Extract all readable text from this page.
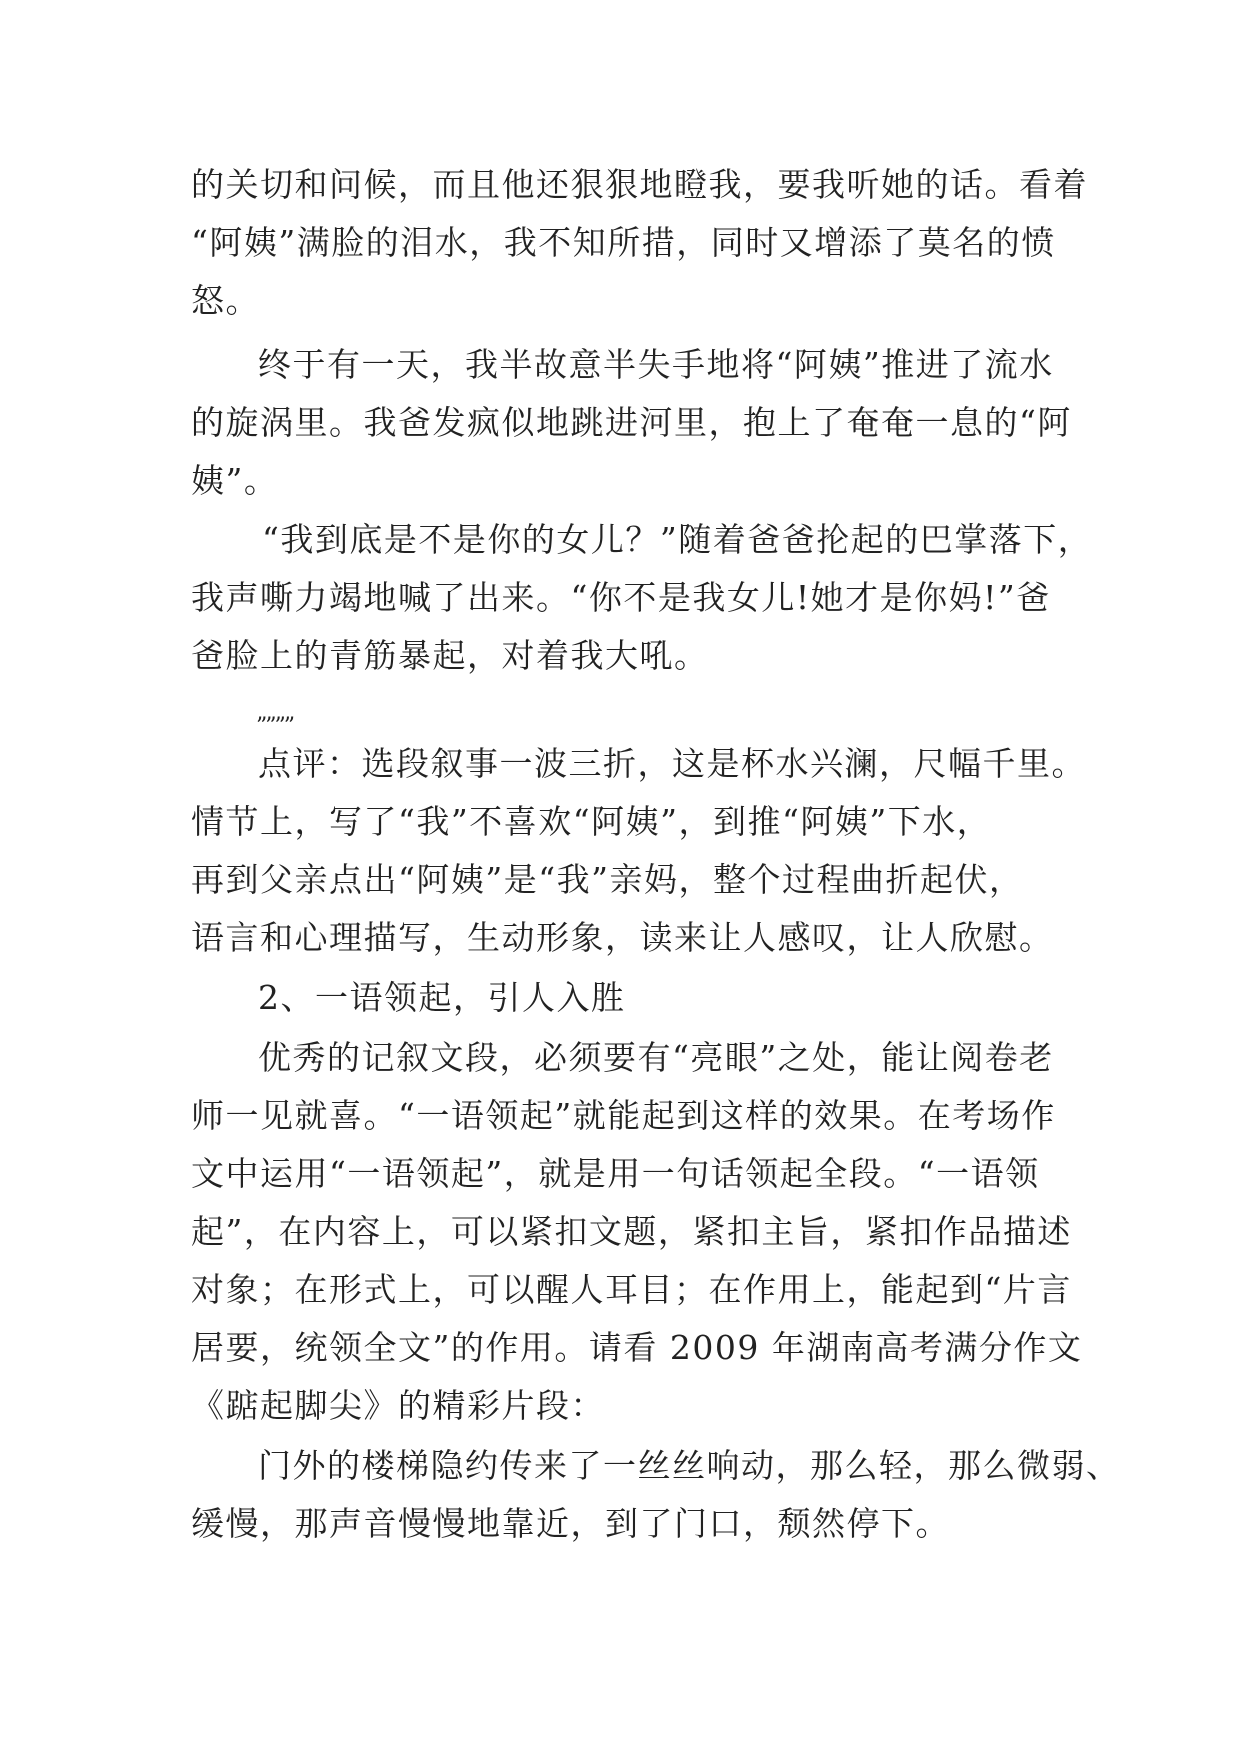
的关切和问候，而且他还狠狠地瞪我，要我听她的话。看着
“阿姨”满脸的泪水，我不知所措，同时又增添了莫名的愤
怒。
终于有一天，我半故意半失手地将“阿姨”推进了流水
的旋涡里。我爸发疯似地跳进河里，抱上了奄奄一息的“阿
姨”。
“我到底是不是你的女儿？”随着爸爸抡起的巴掌落下，
我声嘶力竭地喊了出来。“你不是我女儿!她才是你妈!”爸
爸脸上的青筋暴起，对着我大吼。
””””
点评：选段叙事一波三折，这是杯水兴澜，尺幅千里。
情节上，写了“我”不喜欢“阿姨”，到推“阿姨”下水，
再到父亲点出“阿姨”是“我”亲妈，整个过程曲折起伏，
语言和心理描写，生动形象，读来让人感叹，让人欣慰。
2、一语领起，引人入胜
优秀的记叙文段，必须要有“亮眼”之处，能让阅卷老
师一见就喜。“一语领起”就能起到这样的效果。在考场作
文中运用“一语领起”，就是用一句话领起全段。“一语领
起”，在内容上，可以紧扣文题，紧扣主旨，紧扣作品描述
对象；在形式上，可以醒人耳目；在作用上，能起到“片言
居要，统领全文”的作用。请看 2009 年湖南高考满分作文
《踮起脚尖》的精彩片段：
门外的楼梯隐约传来了一丝丝响动，那么轻，那么微弱、
缓慢，那声音慢慢地靠近，到了门口，颓然停下。
